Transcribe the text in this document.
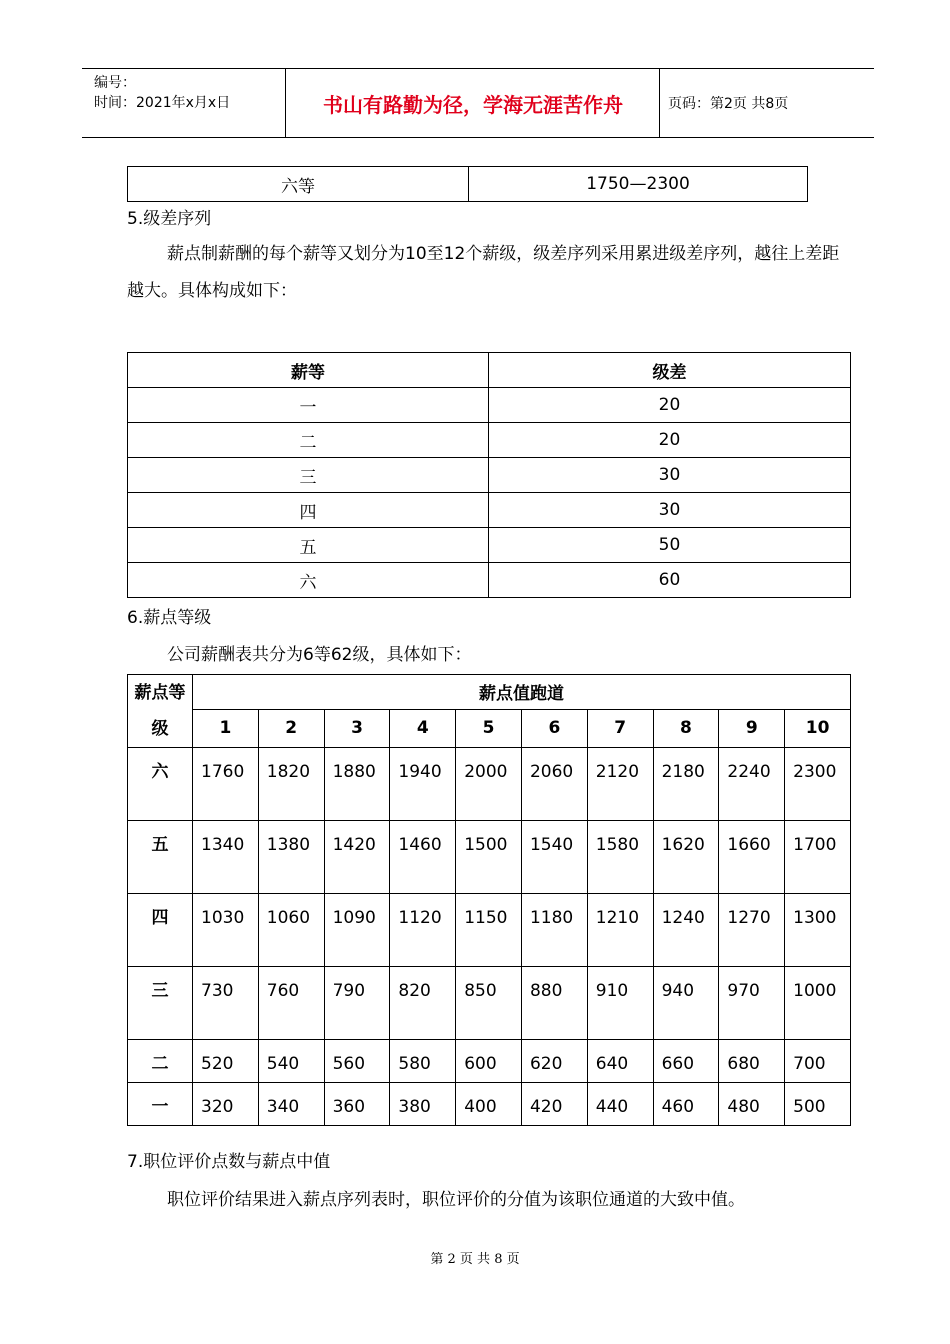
编号：
时间：2021年x月x日	书山有路勤为径，学海无涯苦作舟	页码：第2页 共8页
六等	1750—2300
5.级差序列
薪点制薪酬的每个薪等又划分为10至12个薪级，级差序列采用累进级差序列，越往上差距越大。具体构成如下：
薪等	级差
一	20
二	20
三	30
四	30
五	50
六	60
6.薪点等级
公司薪酬表共分为6等62级，具体如下：
薪点等级	薪点值跑道									
	1	2	3	4	5	6	7	8	9	10
六	1760	1820	1880	1940	2000	2060	2120	2180	2240	2300
五	1340	1380	1420	1460	1500	1540	1580	1620	1660	1700
四	1030	1060	1090	1120	1150	1180	1210	1240	1270	1300
三	730	760	790	820	850	880	910	940	970	1000
二	520	540	560	580	600	620	640	660	680	700
一	320	340	360	380	400	420	440	460	480	500
7.职位评价点数与薪点中值
职位评价结果进入薪点序列表时，职位评价的分值为该职位通道的大致中值。
第 2 页 共 8 页
